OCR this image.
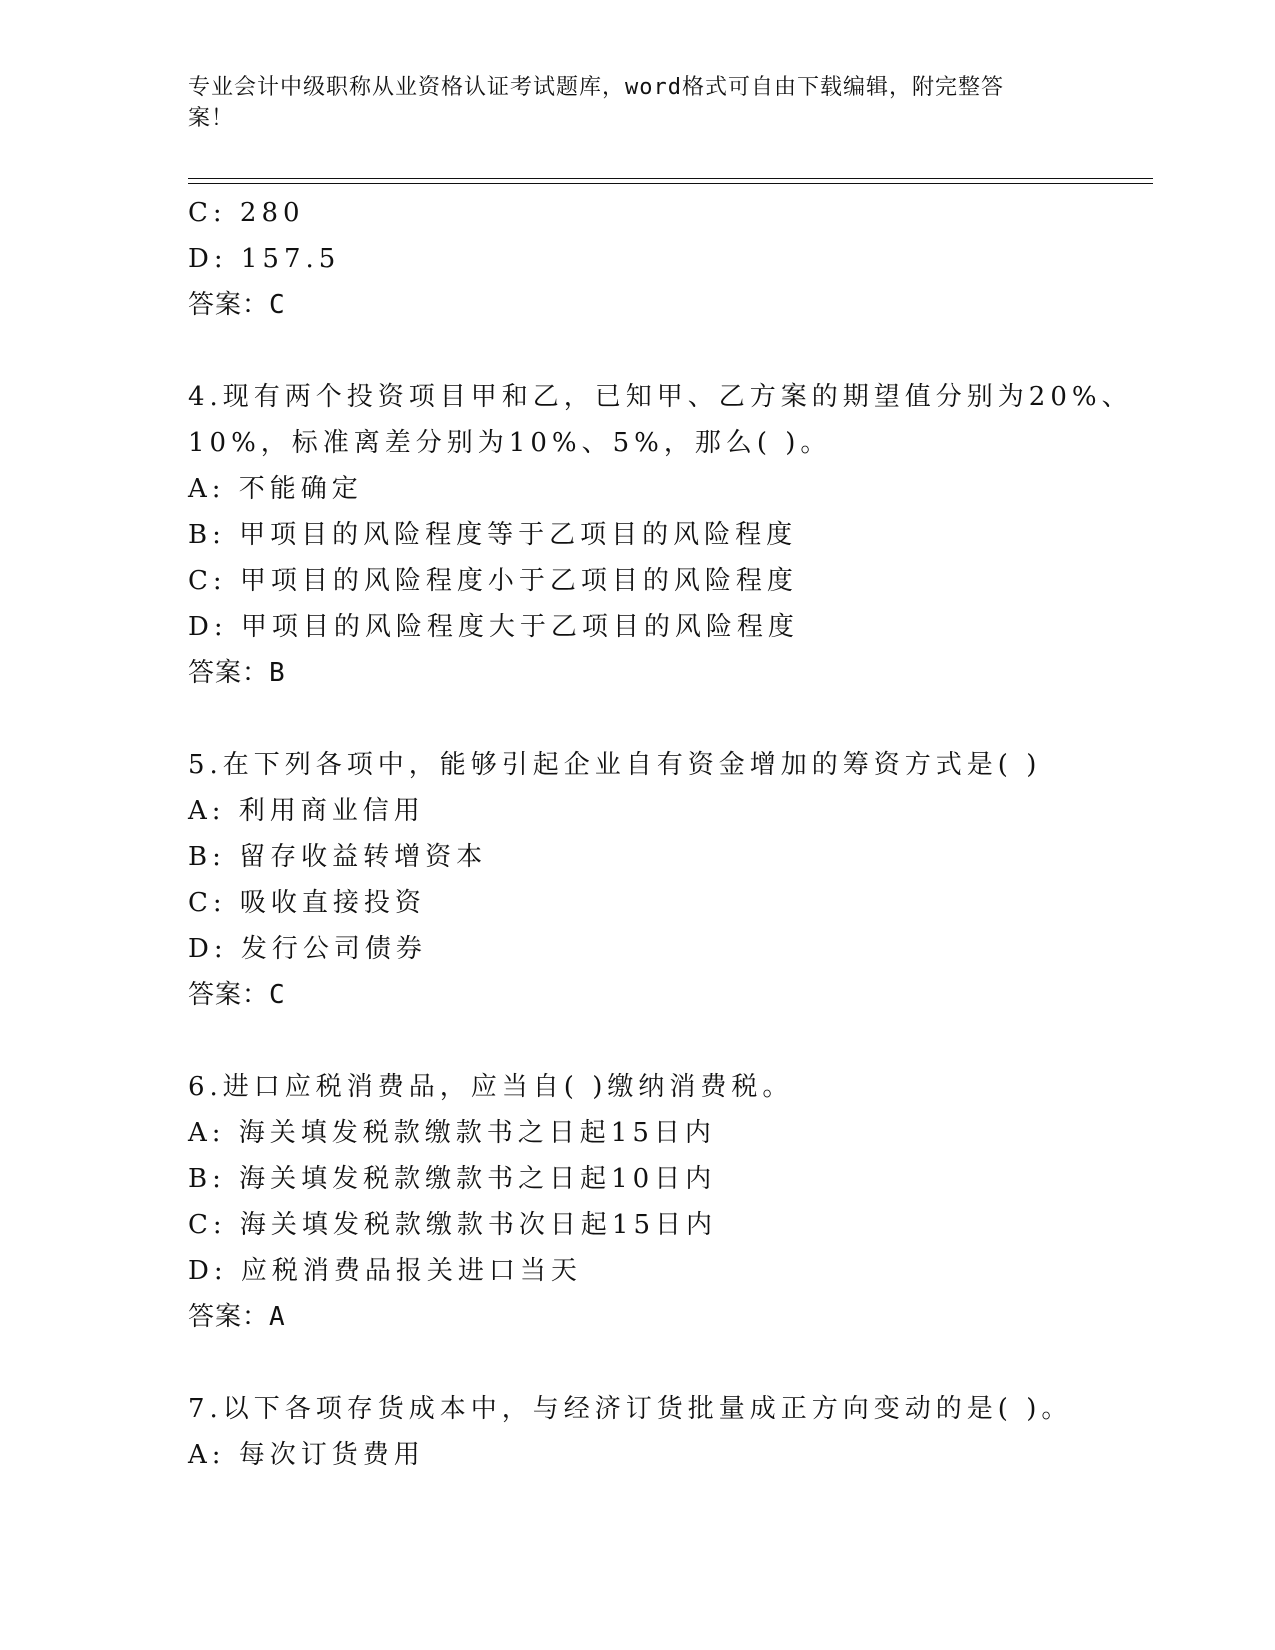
专业会计中级职称从业资格认证考试题库，word格式可自由下载编辑，附完整答
案！
C: 280
D: 157.5
答案：C
4.现有两个投资项目甲和乙，已知甲、乙方案的期望值分别为20%、
10%，标准离差分别为10%、5%，那么( )。
A: 不能确定
B: 甲项目的风险程度等于乙项目的风险程度
C: 甲项目的风险程度小于乙项目的风险程度
D: 甲项目的风险程度大于乙项目的风险程度
答案：B
5.在下列各项中，能够引起企业自有资金增加的筹资方式是( )
A: 利用商业信用
B: 留存收益转增资本
C: 吸收直接投资
D: 发行公司债券
答案：C
6.进口应税消费品，应当自( )缴纳消费税。
A: 海关填发税款缴款书之日起15日内
B: 海关填发税款缴款书之日起10日内
C: 海关填发税款缴款书次日起15日内
D: 应税消费品报关进口当天
答案：A
7.以下各项存货成本中，与经济订货批量成正方向变动的是( )。
A: 每次订货费用
